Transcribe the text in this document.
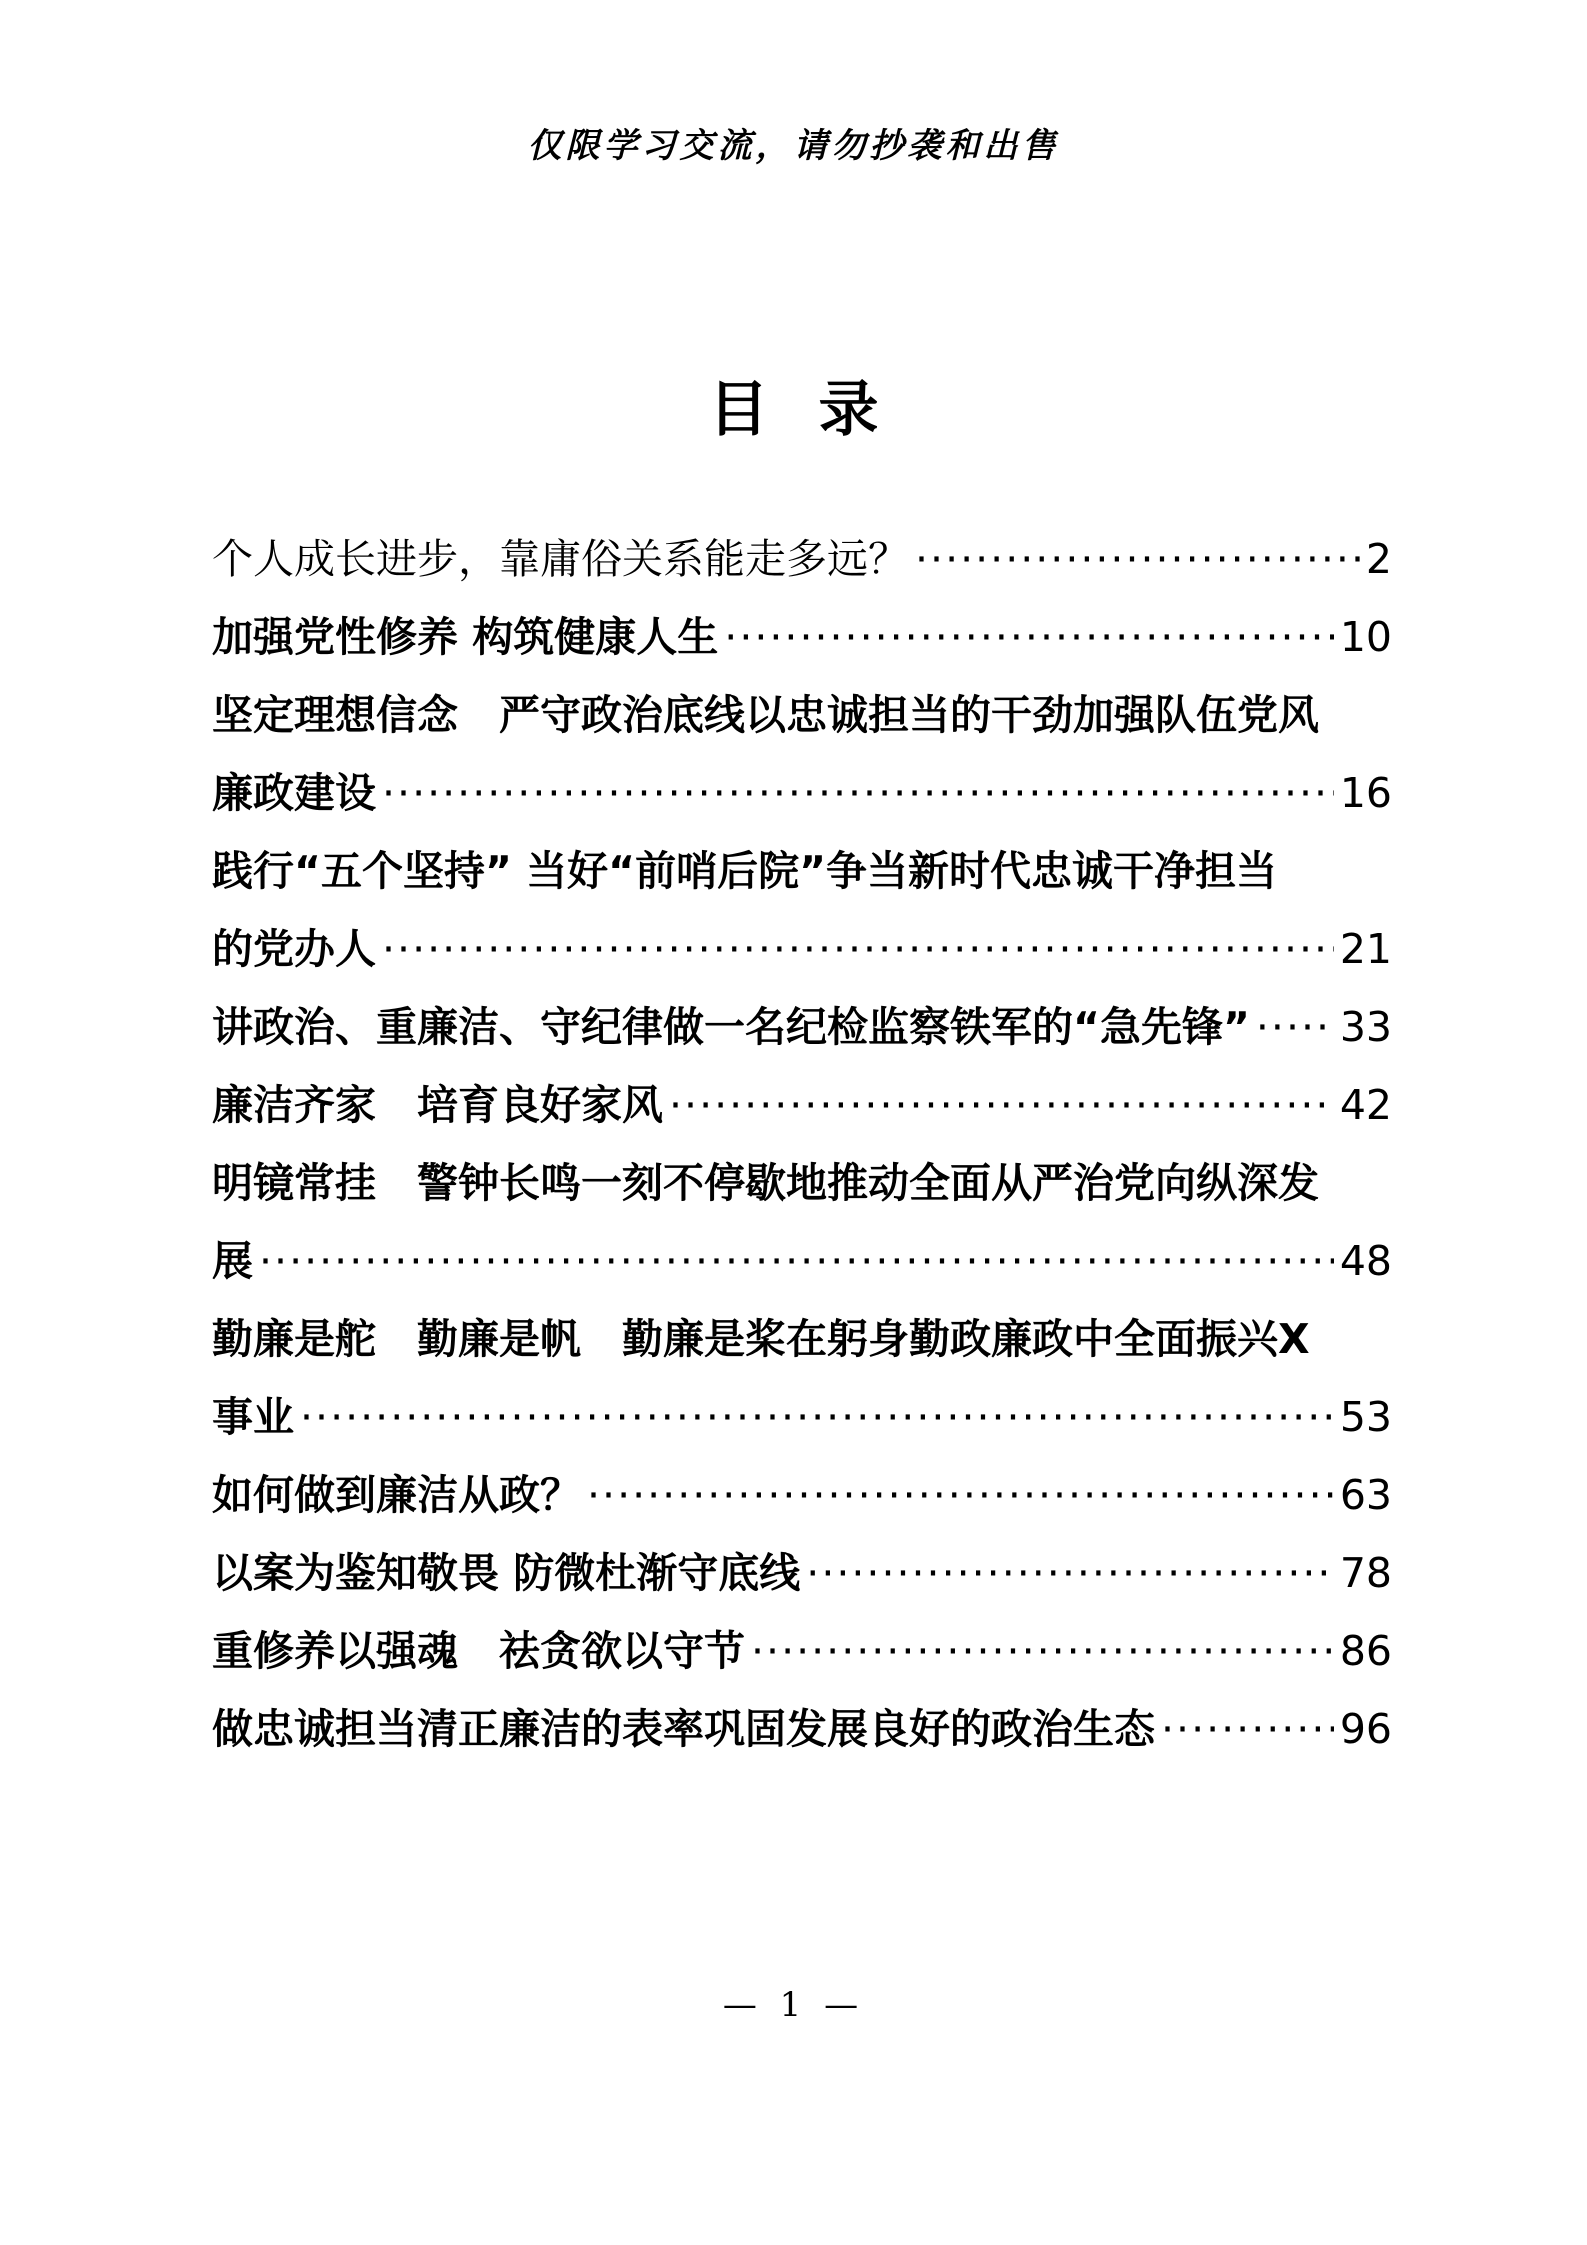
仅限学习交流，请勿抄袭和出售
目录
个人成长进步，靠庸俗关系能走多远？ ·····	2
加强党性修养 构筑健康人生 ·····	10
坚定理想信念　严守政治底线以忠诚担当的干劲加强队伍党风
廉政建设 ·····	16
践行“五个坚持” 当好“前哨后院”争当新时代忠诚干净担当
的党办人 ·····	21
讲政治、重廉洁、守纪律做一名纪检监察铁军的“急先锋” ····· 33
廉洁齐家　培育良好家风 ·····	42
明镜常挂　警钟长鸣一刻不停歇地推动全面从严治党向纵深发
展 ·····	48
勤廉是舵　勤廉是帆　勤廉是桨在躬身勤政廉政中全面振兴X
事业 ·····	53
如何做到廉洁从政？ ·····	63
以案为鉴知敬畏 防微杜渐守底线 ·····	78
重修养以强魂　祛贪欲以守节 ·····	86
做忠诚担当清正廉洁的表率巩固发展良好的政治生态 ·····	96
— 1 —
